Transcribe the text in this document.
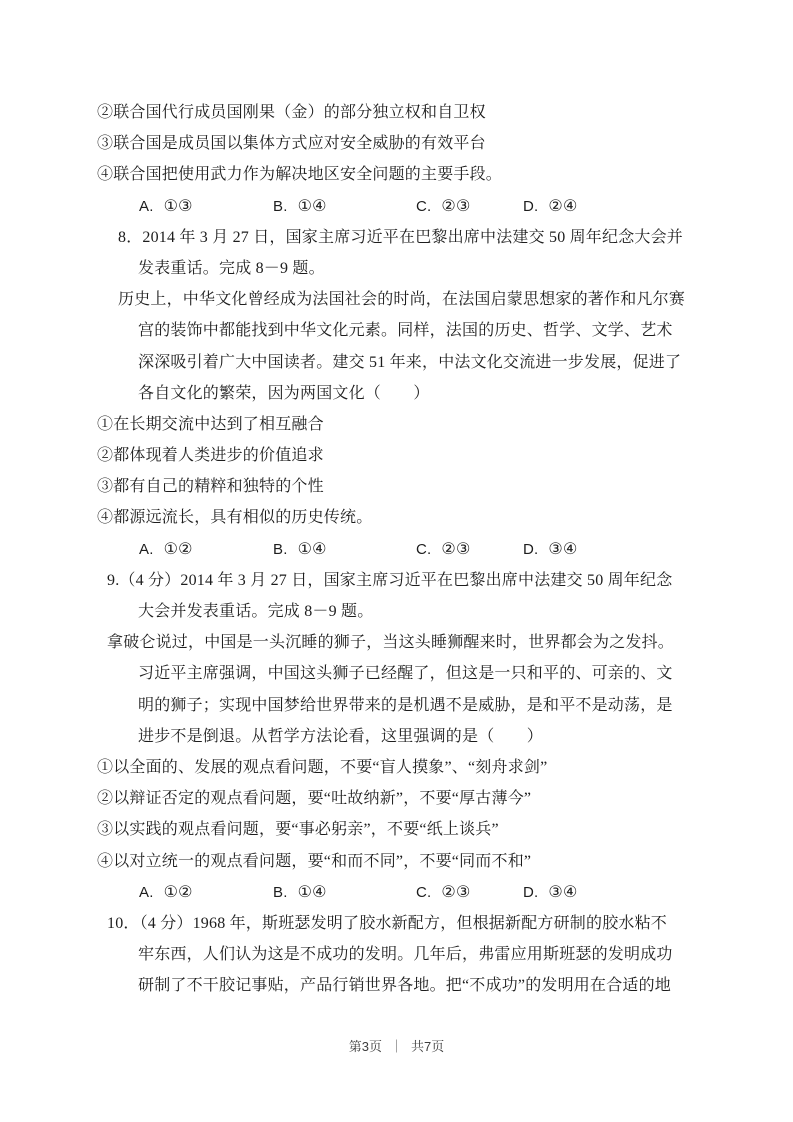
②联合国代行成员国刚果（金）的部分独立权和自卫权
③联合国是成员国以集体方式应对安全威胁的有效平台
④联合国把使用武力作为解决地区安全问题的主要手段。
A. ①③	B. ①④	C. ②③	D. ②④
8．2014 年 3 月 27 日，国家主席习近平在巴黎出席中法建交 50 周年纪念大会并
发表重话。完成 8－9 题。
历史上，中华文化曾经成为法国社会的时尚，在法国启蒙思想家的著作和凡尔赛
宫的装饰中都能找到中华文化元素。同样，法国的历史、哲学、文学、艺术
深深吸引着广大中国读者。建交 51 年来，中法文化交流进一步发展，促进了
各自文化的繁荣，因为两国文化（　　）
①在长期交流中达到了相互融合
②都体现着人类进步的价值追求
③都有自己的精粹和独特的个性
④都源远流长，具有相似的历史传统。
A. ①②	B. ①④	C. ②③	D. ③④
9.（4 分）2014 年 3 月 27 日，国家主席习近平在巴黎出席中法建交 50 周年纪念
大会并发表重话。完成 8－9 题。
拿破仑说过，中国是一头沉睡的狮子，当这头睡狮醒来时，世界都会为之发抖。
习近平主席强调，中国这头狮子已经醒了，但这是一只和平的、可亲的、文
明的狮子；实现中国梦给世界带来的是机遇不是威胁，是和平不是动荡，是
进步不是倒退。从哲学方法论看，这里强调的是（　　）
①以全面的、发展的观点看问题，不要“盲人摸象”、“刻舟求剑”
②以辩证否定的观点看问题，要“吐故纳新”，不要“厚古薄今”
③以实践的观点看问题，要“事必躬亲”，不要“纸上谈兵”
④以对立统一的观点看问题，要“和而不同”，不要“同而不和”
A. ①②	B. ①④	C. ②③	D. ③④
10．（4 分）1968 年，斯班瑟发明了胶水新配方，但根据新配方研制的胶水粘不
牢东西，人们认为这是不成功的发明。几年后，弗雷应用斯班瑟的发明成功
研制了不干胶记事贴，产品行销世界各地。把“不成功”的发明用在合适的地
第3页 ｜ 共7页
